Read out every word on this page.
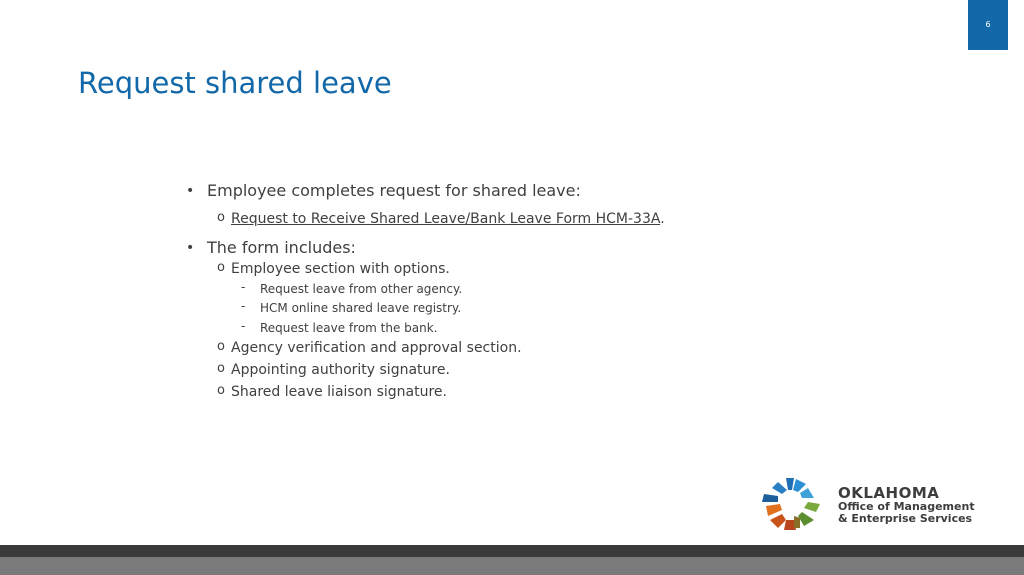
6
Request shared leave
• Employee completes request for shared leave:
o Request to Receive Shared Leave/Bank Leave Form HCM-33A.
• The form includes:
o Employee section with options.
- Request leave from other agency.
- HCM online shared leave registry.
- Request leave from the bank.
o Agency verification and approval section.
o Appointing authority signature.
o Shared leave liaison signature.
OKLAHOMA
Office of Management
& Enterprise Services
